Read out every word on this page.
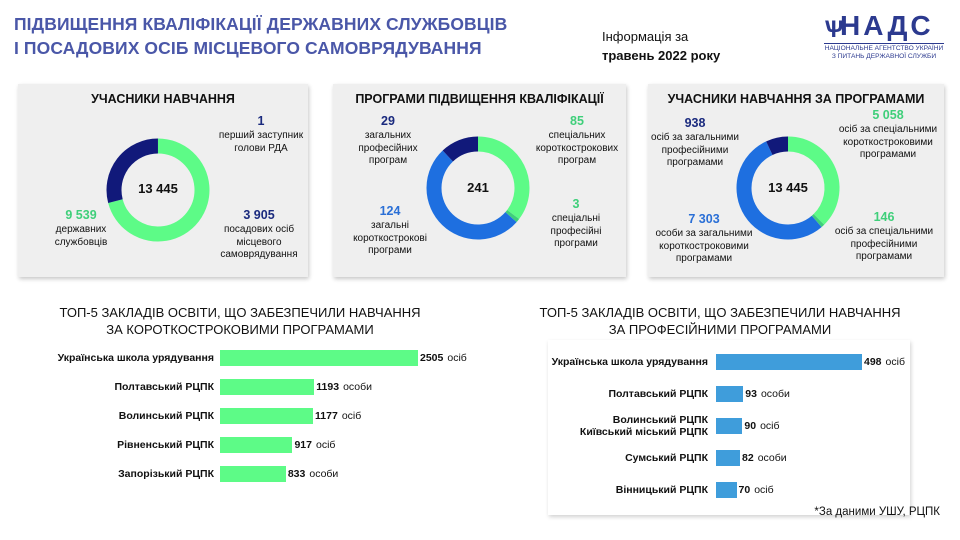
ПІДВИЩЕННЯ КВАЛІФІКАЦІЇ ДЕРЖАВНИХ СЛУЖБОВЦІВ
І ПОСАДОВИХ ОСІБ МІСЦЕВОГО САМОВРЯДУВАННЯ
Інформація за
травень 2022 року
Ѱ
НАДС
НАЦІОНАЛЬНЕ АГЕНТСТВО УКРАЇНИ
З ПИТАНЬ ДЕРЖАВНОЇ СЛУЖБИ
УЧАСНИКИ НАВЧАННЯ
13 445
1
перший заступник голови РДА
9 539
державних службовців
3 905
посадових осіб місцевого самоврядування
ПРОГРАМИ ПІДВИЩЕННЯ КВАЛІФІКАЦІЇ
241
29
загальних професійних програм
85
спеціальних короткострокових програм
124
загальні короткострокові програми
3
спеціальні професійні програми
УЧАСНИКИ НАВЧАННЯ ЗА ПРОГРАМАМИ
13 445
938
осіб за загальними професійними програмами
5 058
осіб за спеціальними короткостроковими програмами
7 303
особи за загальними короткостроковими програмами
146
осіб за спеціальними професійними програмами
ТОП-5 ЗАКЛАДІВ ОСВІТИ, ЩО ЗАБЕЗПЕЧИЛИ НАВЧАННЯ
ЗА КОРОТКОСТРОКОВИМИ ПРОГРАМАМИ
ТОП-5 ЗАКЛАДІВ ОСВІТИ, ЩО ЗАБЕЗПЕЧИЛИ НАВЧАННЯ
ЗА ПРОФЕСІЙНИМИ ПРОГРАМАМИ
Українська школа урядування	2505 осіб
Полтавський РЦПК	1193 особи
Волинський РЦПК	1177 осіб
Рівненський РЦПК	917 осіб
Запорізький РЦПК	833 особи
Українська школа урядування	498 осіб
Полтавський РЦПК	93 особи
Волинський РЦПК
Київський міський РЦПК	90 осіб
Сумський РЦПК	82 особи
Вінницький РЦПК	70 осіб
*За даними УШУ, РЦПК
